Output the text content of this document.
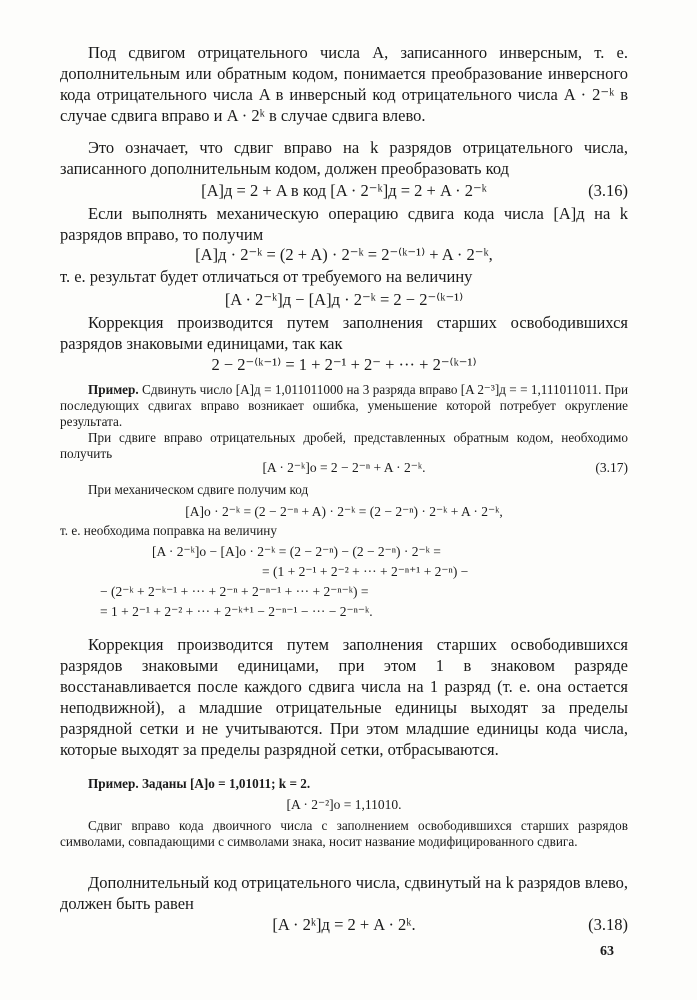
Под сдвигом отрицательного числа A, записанного инверсным, т. е. дополнительным или обратным кодом, понимается преобразование инверсного кода отрицательного числа A в инверсный код отрицательного числа A · 2⁻ᵏ в случае сдвига вправо и A · 2ᵏ в случае сдвига влево.

Это означает, что сдвиг вправо на k разрядов отрицательного числа, записанного дополнительным кодом, должен преобразовать код

[A]д = 2 + A в код [A · 2⁻ᵏ]д = 2 + A · 2⁻ᵏ	(3.16)

Если выполнять механическую операцию сдвига кода числа [A]д на k разрядов вправо, то получим

[A]д · 2⁻ᵏ = (2 + A) · 2⁻ᵏ = 2⁻⁽ᵏ⁻¹⁾ + A · 2⁻ᵏ,

т. е. результат будет отличаться от требуемого на величину

[A · 2⁻ᵏ]д − [A]д · 2⁻ᵏ = 2 − 2⁻⁽ᵏ⁻¹⁾

Коррекция производится путем заполнения старших освободившихся разрядов знаковыми единицами, так как

2 − 2⁻⁽ᵏ⁻¹⁾ = 1 + 2⁻¹ + 2⁻ + ··· + 2⁻⁽ᵏ⁻¹⁾

Пример. Сдвинуть число [A]д = 1,011011000 на 3 разряда вправо [A 2⁻³]д = = 1,111011011. При последующих сдвигах вправо возникает ошибка, уменьшение которой потребует округление результата.

При сдвиге вправо отрицательных дробей, представленных обратным кодом, необходимо получить

[A · 2⁻ᵏ]о = 2 − 2⁻ⁿ + A · 2⁻ᵏ.	(3.17)

При механическом сдвиге получим код

[A]о · 2⁻ᵏ = (2 − 2⁻ⁿ + A) · 2⁻ᵏ = (2 − 2⁻ⁿ) · 2⁻ᵏ + A · 2⁻ᵏ,

т. е. необходима поправка на величину

[A · 2⁻ᵏ]о − [A]о · 2⁻ᵏ = (2 − 2⁻ⁿ) − (2 − 2⁻ⁿ) · 2⁻ᵏ =
= (1 + 2⁻¹ + 2⁻² + ··· + 2⁻ⁿ⁺¹ + 2⁻ⁿ) −
− (2⁻ᵏ + 2⁻ᵏ⁻¹ + ··· + 2⁻ⁿ + 2⁻ⁿ⁻¹ + ··· + 2⁻ⁿ⁻ᵏ) =
= 1 + 2⁻¹ + 2⁻² + ··· + 2⁻ᵏ⁺¹ − 2⁻ⁿ⁻¹ − ··· − 2⁻ⁿ⁻ᵏ.

Коррекция производится путем заполнения старших освободившихся разрядов знаковыми единицами, при этом 1 в знаковом разряде восстанавливается после каждого сдвига числа на 1 разряд (т. е. она остается неподвижной), а младшие отрицательные единицы выходят за пределы разрядной сетки и не учитываются. При этом младшие единицы кода числа, которые выходят за пределы разрядной сетки, отбрасываются.

Пример. Заданы [A]о = 1,01011; k = 2.

[A · 2⁻²]о = 1,11010.

Сдвиг вправо кода двоичного числа с заполнением освободившихся старших разрядов символами, совпадающими с символами знака, носит название модифицированного сдвига.

Дополнительный код отрицательного числа, сдвинутый на k разрядов влево, должен быть равен

[A · 2ᵏ]д = 2 + A · 2ᵏ.	(3.18)
63
